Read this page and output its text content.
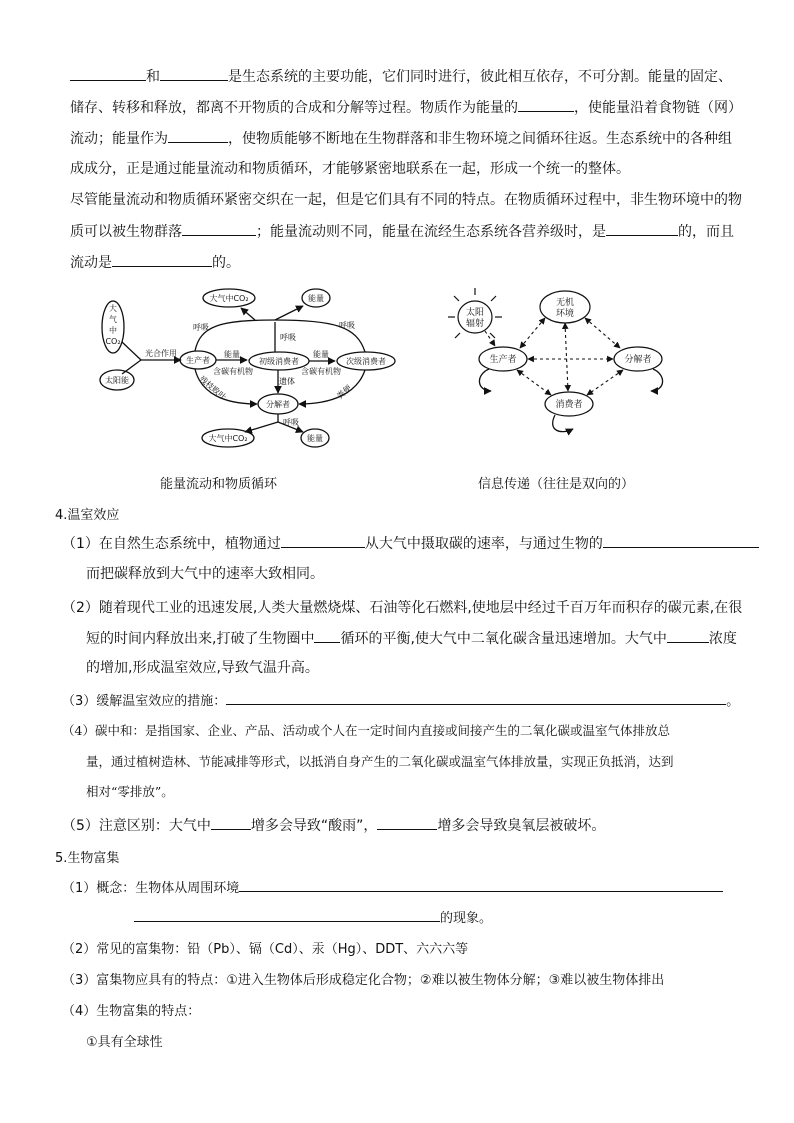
和	是生态系统的主要功能，它们同时进行，彼此相互依存，不可分割。能量的固定、
储存、转移和释放，都离不开物质的合成和分解等过程。物质作为能量的	，使能量沿着食物链（网）
流动；能量作为	，使物质能够不断地在生物群落和非生物环境之间循环往返。生态系统中的各种组
成成分，正是通过能量流动和物质循环，才能够紧密地联系在一起，形成一个统一的整体。
尽管能量流动和物质循环紧密交织在一起，但是它们具有不同的特点。在物质循环过程中，非生物环境中的物
质可以被生物群落	；能量流动则不同，能量在流经生态系统各营养级时，是	的，而且
流动是	的。
大
气
中
CO₂
太阳能
光合作用
生产者	初级消费者	次级消费者
分解者
大气中CO₂	能量
大气中CO₂	能量
呼吸
呼吸
呼吸
呼吸
能量	能量
含碳有机物	含碳有机物
残枝败叶	遗体
粪便
能量流动和物质循环
太阳
辐射
无机
环境
生产者	分解者
消费者
信息传递（往往是双向的）
4.温室效应
（1）在自然生态系统中，植物通过	从大气中摄取碳的速率，与通过生物的
而把碳释放到大气中的速率大致相同。
（2）随着现代工业的迅速发展,人类大量燃烧煤、石油等化石燃料,使地层中经过千百万年而积存的碳元素,在很
短的时间内释放出来,打破了生物圈中 循环的平衡,使大气中二氧化碳含量迅速增加。大气中	浓度
的增加,形成温室效应,导致气温升高。
（3）缓解温室效应的措施：	。
（4）碳中和：是指国家、企业、产品、活动或个人在一定时间内直接或间接产生的二氧化碳或温室气体排放总
量，通过植树造林、节能减排等形式，以抵消自身产生的二氧化碳或温室气体排放量，实现正负抵消，达到
相对“零排放”。
（5）注意区别：大气中	增多会导致“酸雨”，	增多会导致臭氧层被破坏。
5.生物富集
（1）概念：生物体从周围环境
的现象。
（2）常见的富集物：铅（Pb）、镉（Cd）、汞（Hg）、DDT、六六六等
（3）富集物应具有的特点：①进入生物体后形成稳定化合物；②难以被生物体分解；③难以被生物体排出
（4）生物富集的特点：
①具有全球性
